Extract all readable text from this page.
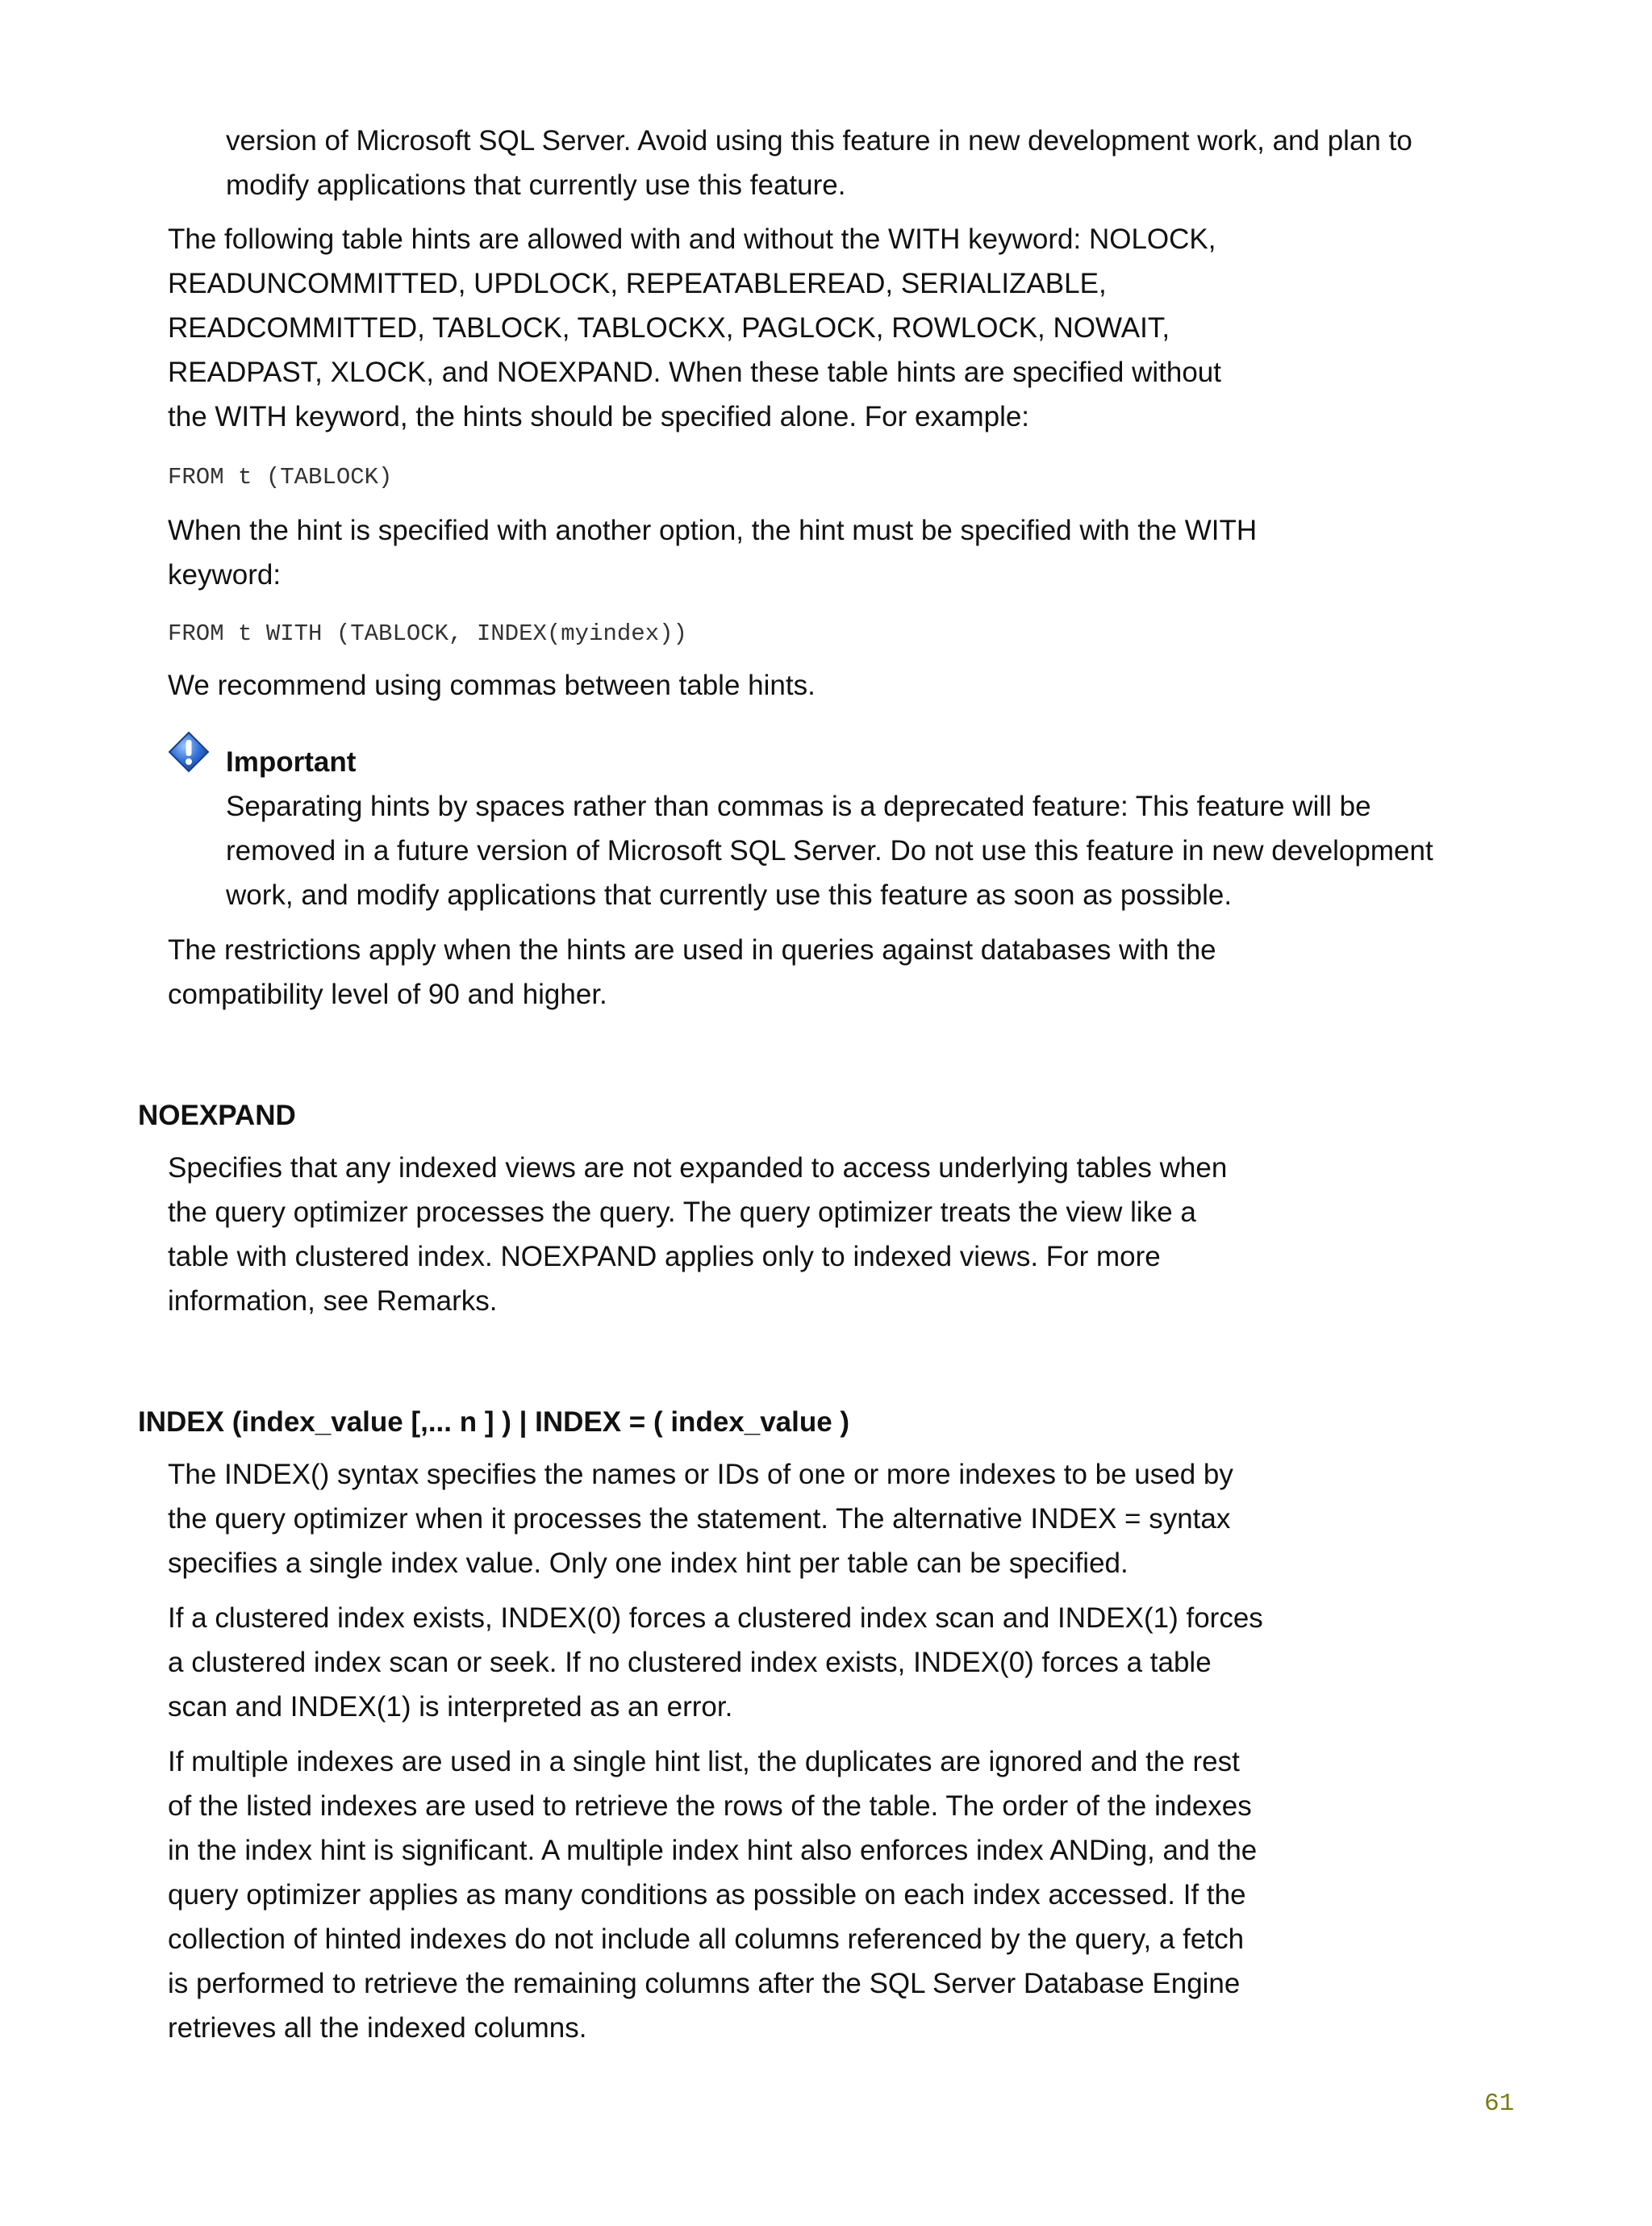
version of Microsoft SQL Server. Avoid using this feature in new development work, and plan to
modify applications that currently use this feature.
The following table hints are allowed with and without the WITH keyword: NOLOCK,
READUNCOMMITTED, UPDLOCK, REPEATABLEREAD, SERIALIZABLE,
READCOMMITTED, TABLOCK, TABLOCKX, PAGLOCK, ROWLOCK, NOWAIT,
READPAST, XLOCK, and NOEXPAND. When these table hints are specified without
the WITH keyword, the hints should be specified alone. For example:
FROM t (TABLOCK)
When the hint is specified with another option, the hint must be specified with the WITH
keyword:
FROM t WITH (TABLOCK, INDEX(myindex))
We recommend using commas between table hints.
Important
Separating hints by spaces rather than commas is a deprecated feature: This feature will be
removed in a future version of Microsoft SQL Server. Do not use this feature in new development
work, and modify applications that currently use this feature as soon as possible.
The restrictions apply when the hints are used in queries against databases with the
compatibility level of 90 and higher.
NOEXPAND
Specifies that any indexed views are not expanded to access underlying tables when
the query optimizer processes the query. The query optimizer treats the view like a
table with clustered index. NOEXPAND applies only to indexed views. For more
information, see Remarks.
INDEX (index_value [,... n ] ) | INDEX = ( index_value )
The INDEX() syntax specifies the names or IDs of one or more indexes to be used by
the query optimizer when it processes the statement. The alternative INDEX = syntax
specifies a single index value. Only one index hint per table can be specified.
If a clustered index exists, INDEX(0) forces a clustered index scan and INDEX(1) forces
a clustered index scan or seek. If no clustered index exists, INDEX(0) forces a table
scan and INDEX(1) is interpreted as an error.
If multiple indexes are used in a single hint list, the duplicates are ignored and the rest
of the listed indexes are used to retrieve the rows of the table. The order of the indexes
in the index hint is significant. A multiple index hint also enforces index ANDing, and the
query optimizer applies as many conditions as possible on each index accessed. If the
collection of hinted indexes do not include all columns referenced by the query, a fetch
is performed to retrieve the remaining columns after the SQL Server Database Engine
retrieves all the indexed columns.
61
